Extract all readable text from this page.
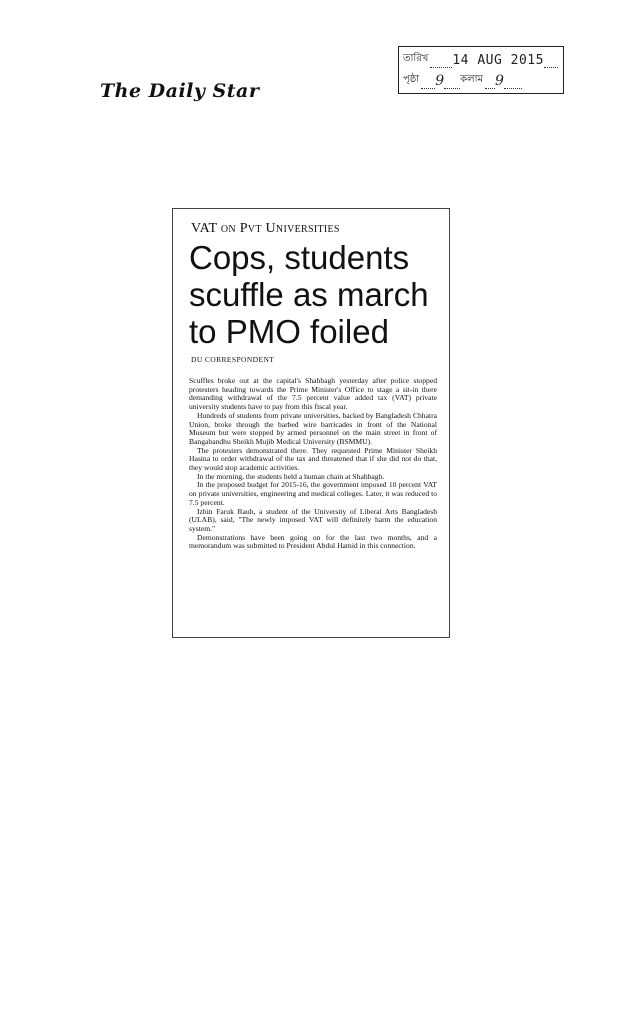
The Daily Star
তারিখ 14 AUG 2015
পৃষ্ঠা 9 কলাম 9
VAT on Pvt Universities
Cops, students
scuffle as march
to PMO foiled
DU CORRESPONDENT

Scuffles broke out at the capital's Shahbagh yesterday after police stopped protesters heading towards the Prime Minister's Office to stage a sit-in there demanding withdrawal of the 7.5 percent value added tax (VAT) private university students have to pay from this fiscal year.

Hundreds of students from private universities, backed by Bangladesh Chhatra Union, broke through the barbed wire barricades in front of the National Museum but were stopped by armed personnel on the main street in front of Bangabandhu Sheikh Mujib Medical University (BSMMU).

The protesters demonstrated there. They requested Prime Minister Sheikh Hasina to order withdrawal of the tax and threatened that if she did not do that, they would stop academic activities.

In the morning, the students held a human chain at Shahbagh.

In the proposed budget for 2015-16, the government imposed 10 percent VAT on private universities, engineering and medical colleges. Later, it was reduced to 7.5 percent.

Izhin Faruk Rauh, a student of the University of Liberal Arts Bangladesh (ULAB), said, "The newly imposed VAT will definitely harm the education system."

Demonstrations have been going on for the last two months, and a memorandum was submitted to President Abdul Hamid in this connection.
